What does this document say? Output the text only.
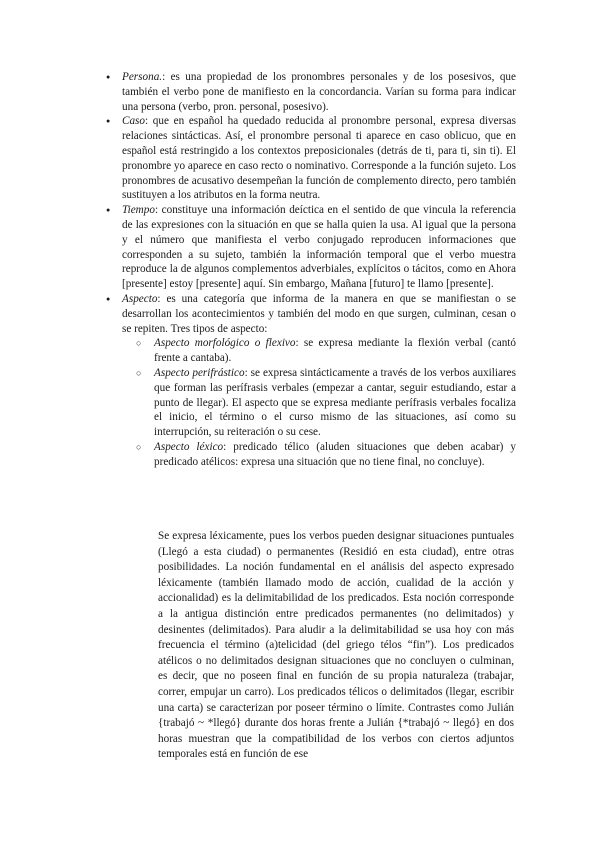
● Persona.: es una propiedad de los pronombres personales y de los posesivos, que también el verbo pone de manifiesto en la concordancia. Varían su forma para indicar una persona (verbo, pron. personal, posesivo).
● Caso: que en español ha quedado reducida al pronombre personal, expresa diversas relaciones sintácticas. Así, el pronombre personal ti aparece en caso oblicuo, que en español está restringido a los contextos preposicionales (detrás de ti, para ti, sin ti). El pronombre yo aparece en caso recto o nominativo. Corresponde a la función sujeto. Los pronombres de acusativo desempeñan la función de complemento directo, pero también sustituyen a los atributos en la forma neutra.
● Tiempo: constituye una información deíctica en el sentido de que vincula la referencia de las expresiones con la situación en que se halla quien la usa. Al igual que la persona y el número que manifiesta el verbo conjugado reproducen informaciones que corresponden a su sujeto, también la información temporal que el verbo muestra reproduce la de algunos complementos adverbiales, explícitos o tácitos, como en Ahora [presente] estoy [presente] aquí. Sin embargo, Mañana [futuro] te llamo [presente].
● Aspecto: es una categoría que informa de la manera en que se manifiestan o se desarrollan los acontecimientos y también del modo en que surgen, culminan, cesan o se repiten. Tres tipos de aspecto:
○ Aspecto morfológico o flexivo: se expresa mediante la flexión verbal (cantó frente a cantaba).
○ Aspecto perifrástico: se expresa sintácticamente a través de los verbos auxiliares que forman las perífrasis verbales (empezar a cantar, seguir estudiando, estar a punto de llegar). El aspecto que se expresa mediante perífrasis verbales focaliza el inicio, el término o el curso mismo de las situaciones, así como su interrupción, su reiteración o su cese.
○ Aspecto léxico: predicado télico (aluden situaciones que deben acabar) y predicado atélicos: expresa una situación que no tiene final, no concluye).

Se expresa léxicamente, pues los verbos pueden designar situaciones puntuales (Llegó a esta ciudad) o permanentes (Residió en esta ciudad), entre otras posibilidades. La noción fundamental en el análisis del aspecto expresado léxicamente (también llamado modo de acción, cualidad de la acción y accionalidad) es la delimitabilidad de los predicados. Esta noción corresponde a la antigua distinción entre predicados permanentes (no delimitados) y desinentes (delimitados). Para aludir a la delimitabilidad se usa hoy con más frecuencia el término (a)telicidad (del griego télos “fin”). Los predicados atélicos o no delimitados designan situaciones que no concluyen o culminan, es decir, que no poseen final en función de su propia naturaleza (trabajar, correr, empujar un carro). Los predicados télicos o delimitados (llegar, escribir una carta) se caracterizan por poseer término o límite. Contrastes como Julián {trabajó ~ *llegó} durante dos horas frente a Julián {*trabajó ~ llegó} en dos horas muestran que la compatibilidad de los verbos con ciertos adjuntos temporales está en función de ese
